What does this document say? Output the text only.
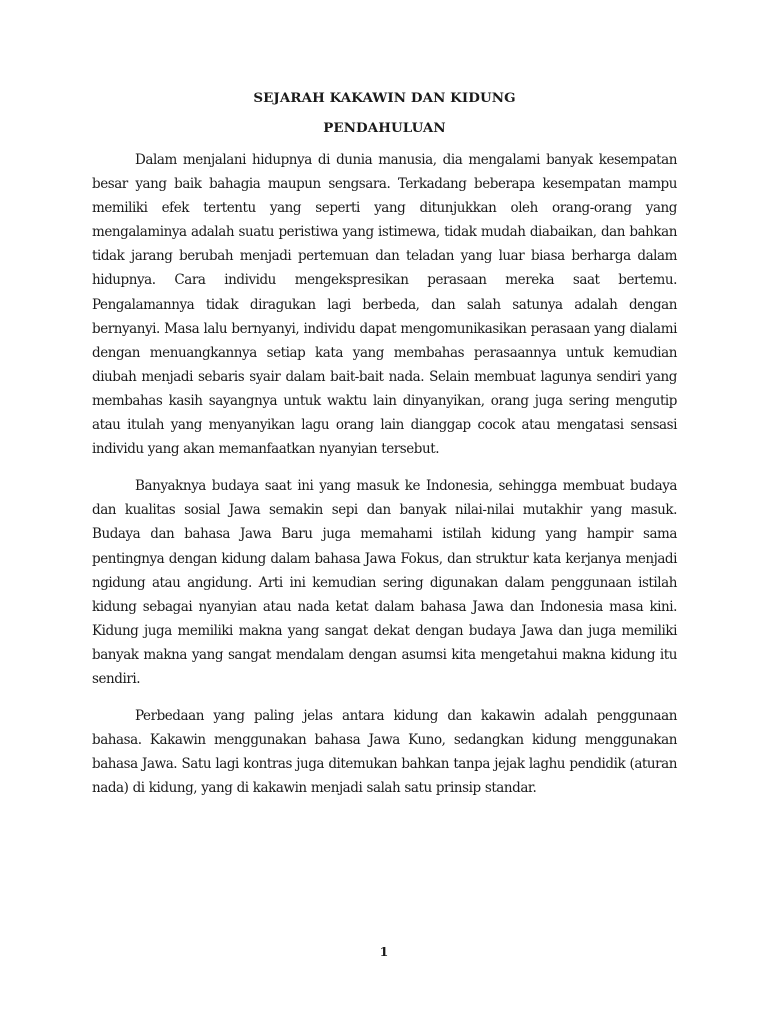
SEJARAH KAKAWIN DAN KIDUNG
PENDAHULUAN

Dalam menjalani hidupnya di dunia manusia, dia mengalami banyak kesempatan besar yang baik bahagia maupun sengsara. Terkadang beberapa kesempatan mampu memiliki efek tertentu yang seperti yang ditunjukkan oleh orang-orang yang mengalaminya adalah suatu peristiwa yang istimewa, tidak mudah diabaikan, dan bahkan tidak jarang berubah menjadi pertemuan dan teladan yang luar biasa berharga dalam hidupnya. Cara individu mengekspresikan perasaan mereka saat bertemu. Pengalamannya tidak diragukan lagi berbeda, dan salah satunya adalah dengan bernyanyi. Masa lalu bernyanyi, individu dapat mengomunikasikan perasaan yang dialami dengan menuangkannya setiap kata yang membahas perasaannya untuk kemudian diubah menjadi sebaris syair dalam bait-bait nada. Selain membuat lagunya sendiri yang membahas kasih sayangnya untuk waktu lain dinyanyikan, orang juga sering mengutip atau itulah yang menyanyikan lagu orang lain dianggap cocok atau mengatasi sensasi individu yang akan memanfaatkan nyanyian tersebut.

Banyaknya budaya saat ini yang masuk ke Indonesia, sehingga membuat budaya dan kualitas sosial Jawa semakin sepi dan banyak nilai-nilai mutakhir yang masuk. Budaya dan bahasa Jawa Baru juga memahami istilah kidung yang hampir sama pentingnya dengan kidung dalam bahasa Jawa Fokus, dan struktur kata kerjanya menjadi ngidung atau angidung. Arti ini kemudian sering digunakan dalam penggunaan istilah kidung sebagai nyanyian atau nada ketat dalam bahasa Jawa dan Indonesia masa kini. Kidung juga memiliki makna yang sangat dekat dengan budaya Jawa dan juga memiliki banyak makna yang sangat mendalam dengan asumsi kita mengetahui makna kidung itu sendiri.

Perbedaan yang paling jelas antara kidung dan kakawin adalah penggunaan bahasa. Kakawin menggunakan bahasa Jawa Kuno, sedangkan kidung menggunakan bahasa Jawa. Satu lagi kontras juga ditemukan bahkan tanpa jejak laghu pendidik (aturan nada) di kidung, yang di kakawin menjadi salah satu prinsip standar.

1
